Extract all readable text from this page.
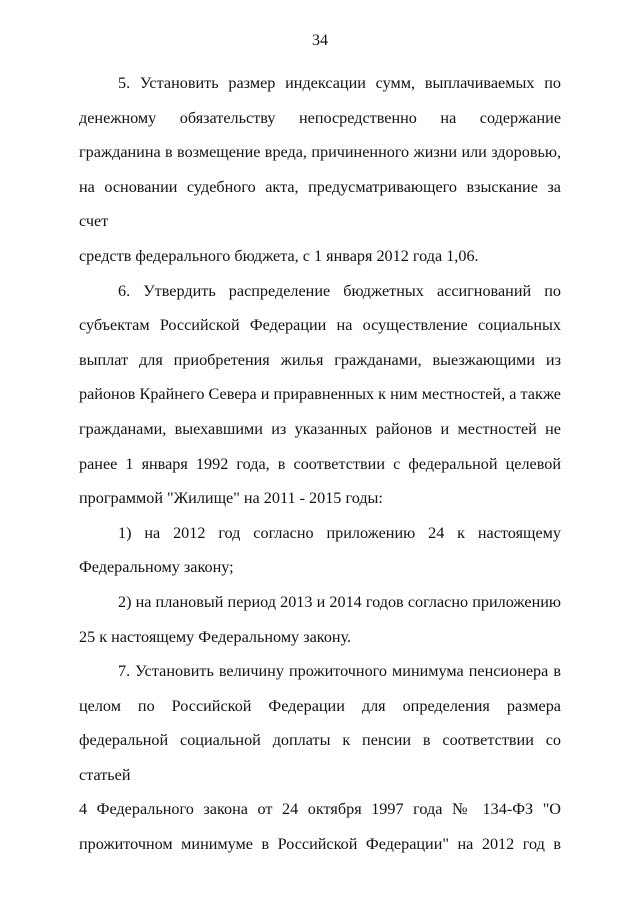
34
5. Установить размер индексации сумм, выплачиваемых по
денежному обязательству непосредственно на содержание
гражданина в возмещение вреда, причиненного жизни или здоровью,
на основании судебного акта, предусматривающего взыскание за счет
средств федерального бюджета, с 1 января 2012 года 1,06.
6. Утвердить распределение бюджетных ассигнований по
субъектам Российской Федерации на осуществление социальных
выплат для приобретения жилья гражданами, выезжающими из
районов Крайнего Севера и приравненных к ним местностей, а также
гражданами, выехавшими из указанных районов и местностей не
ранее 1 января 1992 года, в соответствии с федеральной целевой
программой "Жилище" на 2011 - 2015 годы:
1) на 2012 год согласно приложению 24 к настоящему
Федеральному закону;
2) на плановый период 2013 и 2014 годов согласно приложению
25 к настоящему Федеральному закону.
7. Установить величину прожиточного минимума пенсионера в
целом по Российской Федерации для определения размера
федеральной социальной доплаты к пенсии в соответствии со статьей
4 Федерального закона от 24 октября 1997 года № 134-ФЗ "О
прожиточном минимуме в Российской Федерации" на 2012 год в
